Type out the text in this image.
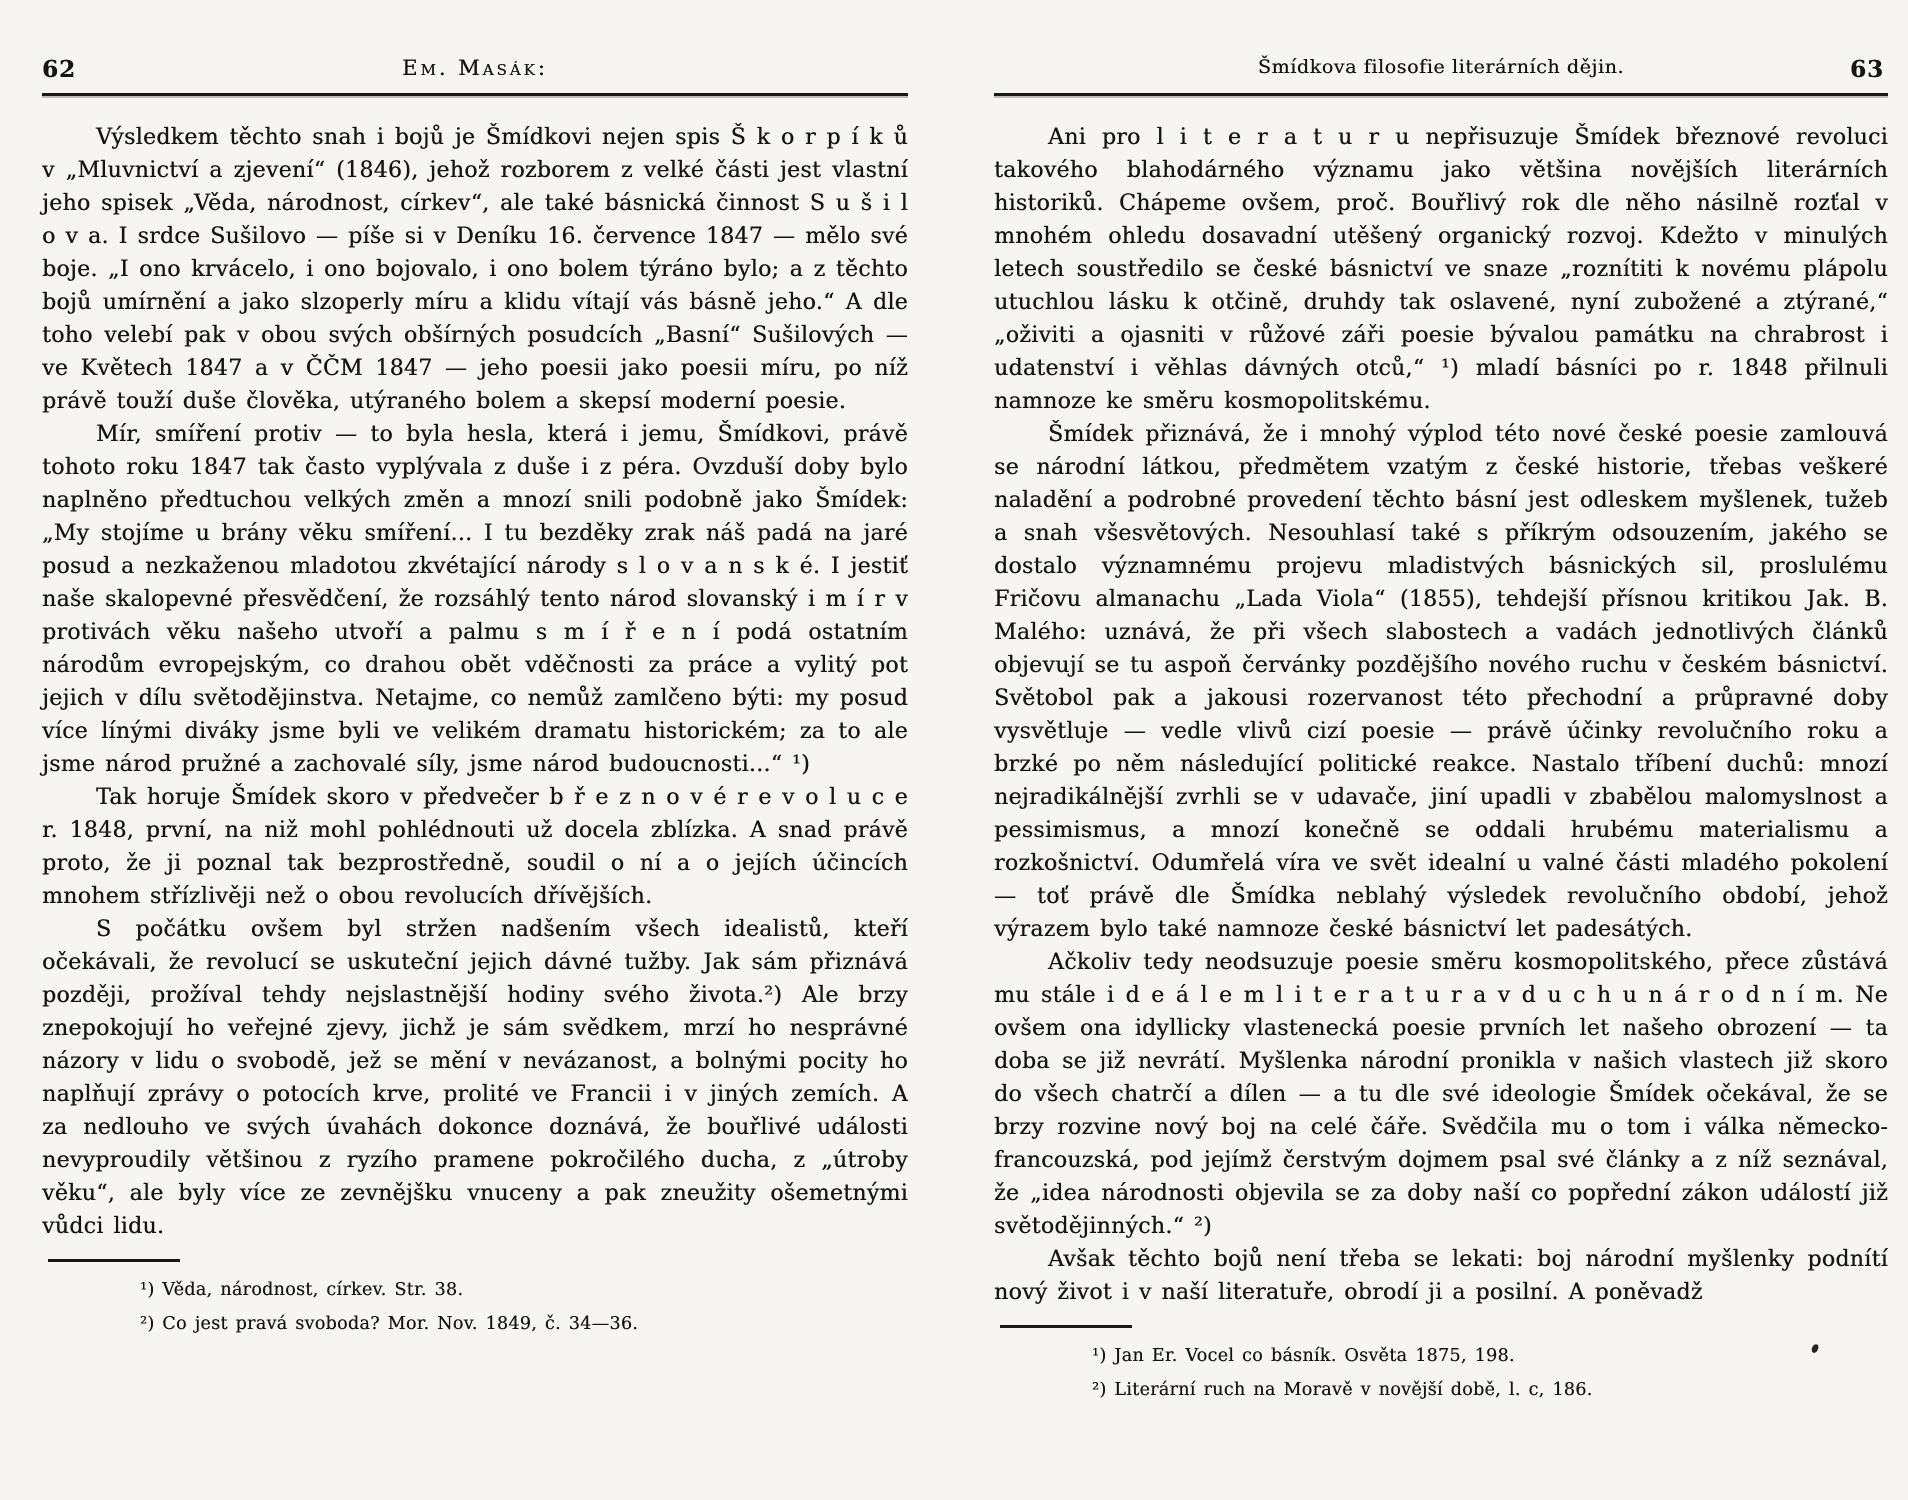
62	Em. Masák:

Výsledkem těchto snah i bojů je Šmídkovi nejen spis Š k o r p í k ů v „Mluvnictví a zjevení“ (1846), jehož rozborem z velké části jest vlastní jeho spisek „Věda, národnost, církev“, ale také básnická činnost S u š i l o v a. I srdce Sušilovo — píše si v Deníku 16. července 1847 — mělo své boje. „I ono krvácelo, i ono bojovalo, i ono bolem týráno bylo; a z těchto bojů umírnění a jako slzoperly míru a klidu vítají vás básně jeho.“ A dle toho velebí pak v obou svých obšírných posudcích „Basní“ Sušilových — ve Květech 1847 a v ČČM 1847 — jeho poesii jako poesii míru, po níž právě touží duše člověka, utýraného bolem a skepsí moderní poesie.

Mír, smíření protiv — to byla hesla, která i jemu, Šmídkovi, právě tohoto roku 1847 tak často vyplývala z duše i z péra. Ovzduší doby bylo naplněno předtuchou velkých změn a mnozí snili podobně jako Šmídek: „My stojíme u brány věku smíření... I tu bezděky zrak náš padá na jaré posud a nezkaženou mladotou zkvétající národy s l o v a n s k é. I jestiť naše skalopevné přesvědčení, že rozsáhlý tento národ slovanský i m í r v protivách věku našeho utvoří a palmu s m í ř e n í podá ostatním národům evropejským, co drahou obět vděčnosti za práce a vylitý pot jejich v dílu světodějinstva. Netajme, co nemůž zamlčeno býti: my posud více línými diváky jsme byli ve velikém dramatu historickém; za to ale jsme národ pružné a zachovalé síly, jsme národ budoucnosti...“ ¹)

Tak horuje Šmídek skoro v předvečer b ř e z n o v é r e v o l u c e r. 1848, první, na niž mohl pohlédnouti už docela zblízka. A snad právě proto, že ji poznal tak bezprostředně, soudil o ní a o jejích účincích mnohem střízlivěji než o obou revolucích dřívějších.

S počátku ovšem byl stržen nadšením všech idealistů, kteří očekávali, že revolucí se uskuteční jejich dávné tužby. Jak sám přiznává později, prožíval tehdy nejslastnější hodiny svého života.²) Ale brzy znepokojují ho veřejné zjevy, jichž je sám svědkem, mrzí ho nesprávné názory v lidu o svobodě, jež se mění v nevázanost, a bolnými pocity ho naplňují zprávy o potocích krve, prolité ve Francii i v jiných zemích. A za nedlouho ve svých úvahách dokonce doznává, že bouřlivé události nevyproudily většinou z ryzího pramene pokročilého ducha, z „útroby věku“, ale byly více ze zevnějšku vnuceny a pak zneužity ošemetnými vůdci lidu.

¹) Věda, národnost, církev. Str. 38.

²) Co jest pravá svoboda? Mor. Nov. 1849, č. 34—36.

Šmídkova filosofie literárních dějin.	63

Ani pro l i t e r a t u r u nepřisuzuje Šmídek březnové revoluci takového blahodárného významu jako většina novějších literárních historiků. Chápeme ovšem, proč. Bouřlivý rok dle něho násilně rozťal v mnohém ohledu dosavadní utěšený organický rozvoj. Kdežto v minulých letech soustředilo se české básnictví ve snaze „roznítiti k novému plápolu utuchlou lásku k otčině, druhdy tak oslavené, nyní zubožené a ztýrané,“ „oživiti a ojasniti v růžové záři poesie bývalou památku na chrabrost i udatenství i věhlas dávných otců,“ ¹) mladí básníci po r. 1848 přilnuli namnoze ke směru kosmopolitskému.

Šmídek přiznává, že i mnohý výplod této nové české poesie zamlouvá se národní látkou, předmětem vzatým z české historie, třebas veškeré naladění a podrobné provedení těchto básní jest odleskem myšlenek, tužeb a snah všesvětových. Nesouhlasí také s příkrým odsouzením, jakého se dostalo významnému projevu mladistvých básnických sil, proslulému Fričovu almanachu „Lada Viola“ (1855), tehdejší přísnou kritikou Jak. B. Malého: uznává, že při všech slabostech a vadách jednotlivých článků objevují se tu aspoň červánky pozdějšího nového ruchu v českém básnictví. Světobol pak a jakousi rozervanost této přechodní a průpravné doby vysvětluje — vedle vlivů cizí poesie — právě účinky revolučního roku a brzké po něm následující politické reakce. Nastalo tříbení duchů: mnozí nejradikálnější zvrhli se v udavače, jiní upadli v zbabělou malomyslnost a pessimismus, a mnozí konečně se oddali hrubému materialismu a rozkošnictví. Odumřelá víra ve svět idealní u valné části mladého pokolení — toť právě dle Šmídka neblahý výsledek revolučního období, jehož výrazem bylo také namnoze české básnictví let padesátých.

Ačkoliv tedy neodsuzuje poesie směru kosmopolitského, přece zůstává mu stále i d e á l e m l i t e r a t u r a v d u c h u n á r o d n í m. Ne ovšem ona idyllicky vlastenecká poesie prvních let našeho obrození — ta doba se již nevrátí. Myšlenka národní pronikla v našich vlastech již skoro do všech chatrčí a dílen — a tu dle své ideologie Šmídek očekával, že se brzy rozvine nový boj na celé čáře. Svědčila mu o tom i válka německo-francouzská, pod jejímž čerstvým dojmem psal své články a z níž seznával, že „idea národnosti objevila se za doby naší co popřední zákon událostí již světodějinných.“ ²)

Avšak těchto bojů není třeba se lekati: boj národní myšlenky podnítí nový život i v naší literatuře, obrodí ji a posilní. A poněvadž

¹) Jan Er. Vocel co básník. Osvěta 1875, 198.

²) Literární ruch na Moravě v novější době, l. c, 186.
